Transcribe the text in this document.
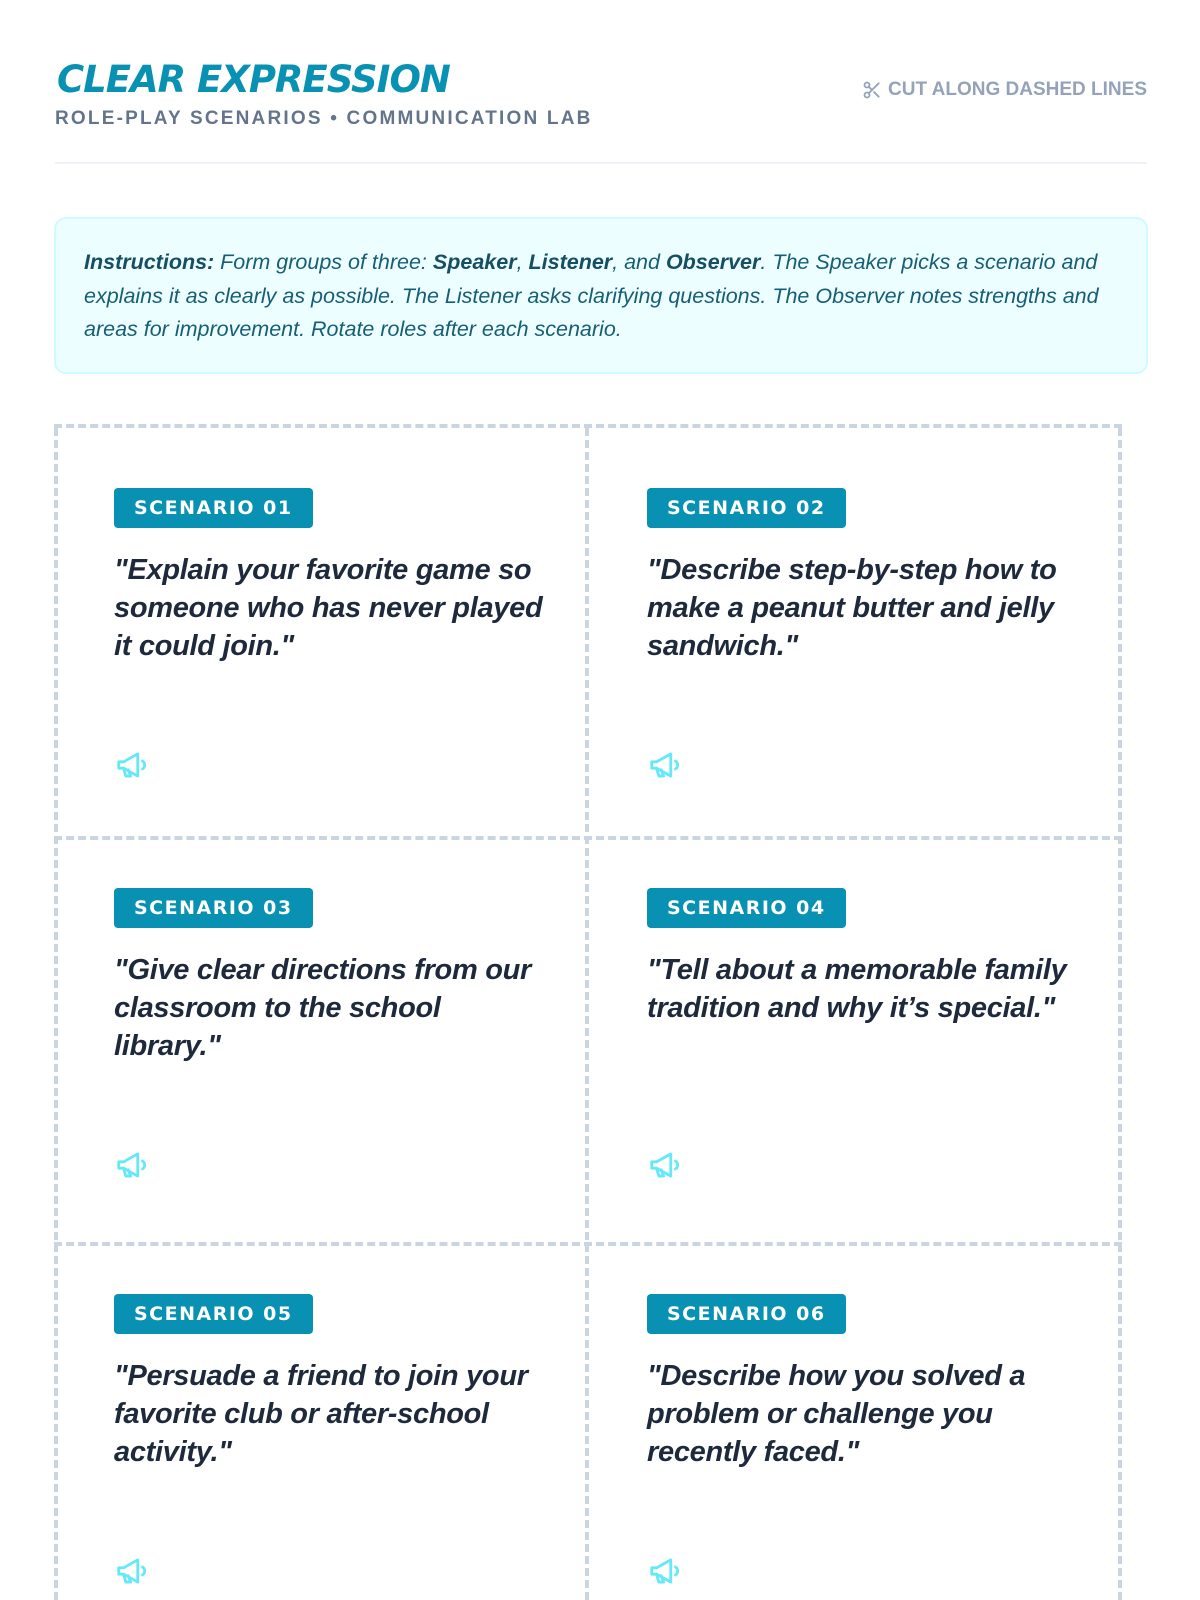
CLEAR EXPRESSION
ROLE-PLAY SCENARIOS • COMMUNICATION LAB
CUT ALONG DASHED LINES
Instructions: Form groups of three: Speaker, Listener, and Observer. The Speaker picks a scenario and explains it as clearly as possible. The Listener asks clarifying questions. The Observer notes strengths and areas for improvement. Rotate roles after each scenario.
SCENARIO 01
"Explain your favorite game so someone who has never played it could join."
SCENARIO 02
"Describe step-by-step how to make a peanut butter and jelly sandwich."
SCENARIO 03
"Give clear directions from our classroom to the school library."
SCENARIO 04
"Tell about a memorable family tradition and why it’s special."
SCENARIO 05
"Persuade a friend to join your favorite club or after-school activity."
SCENARIO 06
"Describe how you solved a problem or challenge you recently faced."
